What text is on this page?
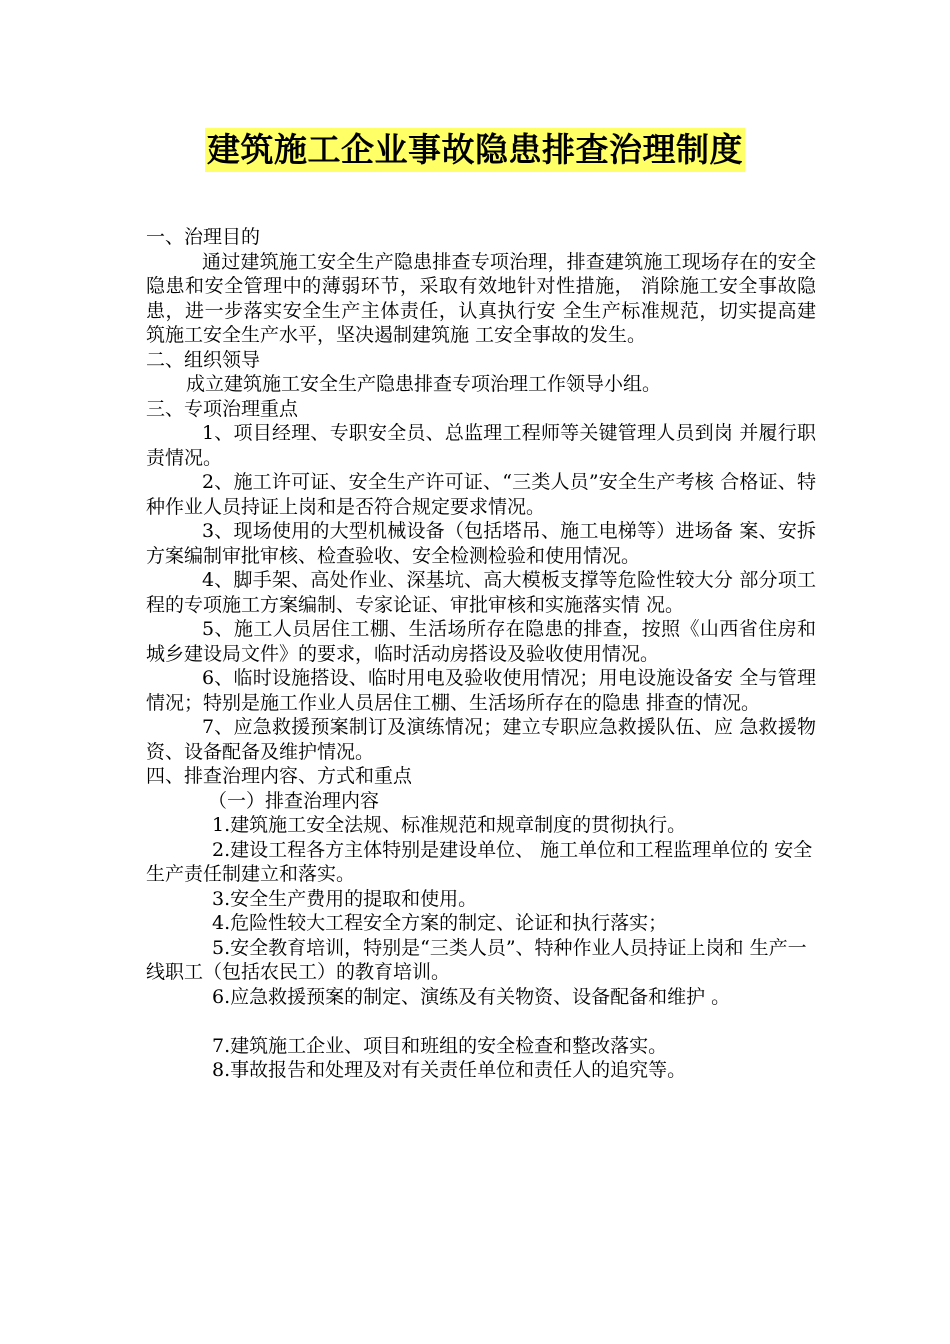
建筑施工企业事故隐患排查治理制度

一、治理目的

通过建筑施工安全生产隐患排查专项治理，排查建筑施工现场存在的安全隐患和安全管理中的薄弱环节，采取有效地针对性措施， 消除施工安全事故隐患，进一步落实安全生产主体责任，认真执行安 全生产标准规范，切实提高建筑施工安全生产水平，坚决遏制建筑施 工安全事故的发生。

二、组织领导

成立建筑施工安全生产隐患排查专项治理工作领导小组。

三、专项治理重点

1、项目经理、专职安全员、总监理工程师等关键管理人员到岗 并履行职责情况。

2、施工许可证、安全生产许可证、“三类人员”安全生产考核 合格证、特种作业人员持证上岗和是否符合规定要求情况。

3、现场使用的大型机械设备（包括塔吊、施工电梯等）进场备 案、安拆方案编制审批审核、检查验收、安全检测检验和使用情况。

4、脚手架、高处作业、深基坑、高大模板支撑等危险性较大分 部分项工程的专项施工方案编制、专家论证、审批审核和实施落实情 况。

5、施工人员居住工棚、生活场所存在隐患的排查，按照《山西省住房和城乡建设局文件》的要求，临时活动房搭设及验收使用情况。

6、临时设施搭设、临时用电及验收使用情况；用电设施设备安 全与管理情况；特别是施工作业人员居住工棚、生活场所存在的隐患 排查的情况。

7、应急救援预案制订及演练情况；建立专职应急救援队伍、应 急救援物资、设备配备及维护情况。

四、排查治理内容、方式和重点

（一）排查治理内容

1.建筑施工安全法规、标准规范和规章制度的贯彻执行。

2.建设工程各方主体特别是建设单位、 施工单位和工程监理单位的 安全生产责任制建立和落实。

3.安全生产费用的提取和使用。

4.危险性较大工程安全方案的制定、论证和执行落实；

5.安全教育培训，特别是“三类人员”、特种作业人员持证上岗和 生产一线职工（包括农民工）的教育培训。

6.应急救援预案的制定、演练及有关物资、设备配备和维护 。

7.建筑施工企业、项目和班组的安全检查和整改落实。

8.事故报告和处理及对有关责任单位和责任人的追究等。
